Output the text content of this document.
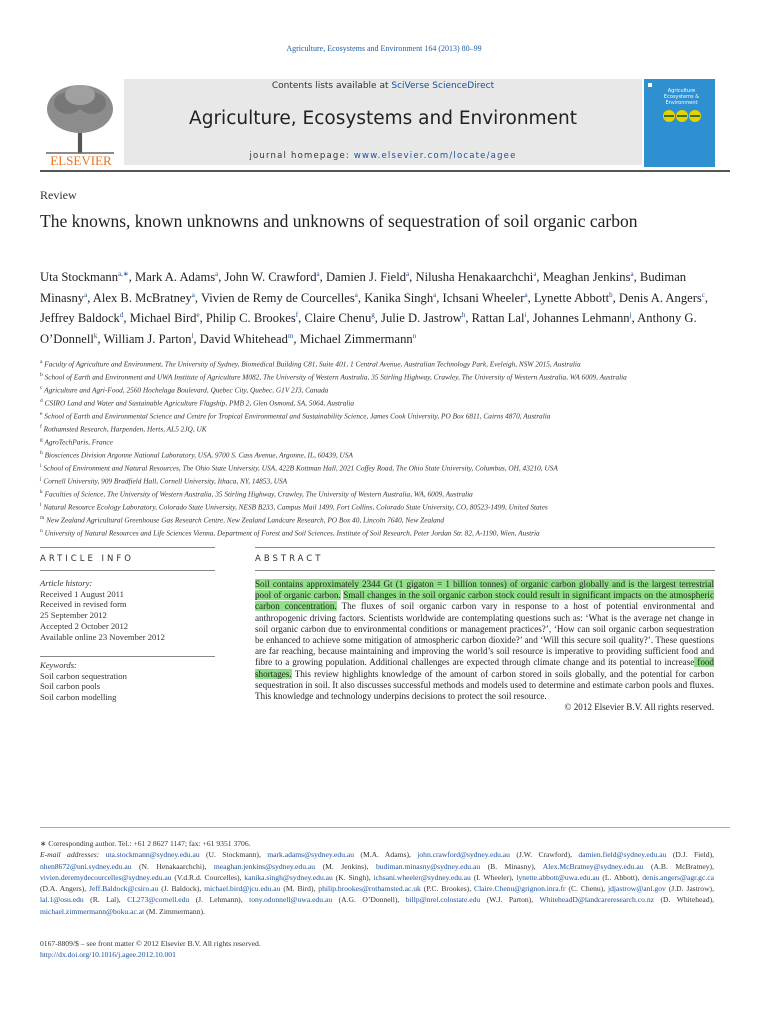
Agriculture, Ecosystems and Environment 164 (2013) 80–99
ELSEVIER
Contents lists available at SciVerse ScienceDirect
Agriculture, Ecosystems and Environment
journal homepage: www.elsevier.com/locate/agee
Agriculture Ecosystems & Environment
Review
The knowns, known unknowns and unknowns of sequestration of soil organic carbon
Uta Stockmann$^{a,∗}$, Mark A. Adams$^a$, John W. Crawford$^a$, Damien J. Field$^a$, Nilusha Henakaarchchi$^a$, Meaghan Jenkins$^a$, Budiman Minasny$^a$, Alex B. McBratney$^a$, Vivien de Remy de Courcelles$^a$, Kanika Singh$^a$, Ichsani Wheeler$^a$, Lynette Abbott$^b$, Denis A. Angers$^c$, Jeffrey Baldock$^d$, Michael Bird$^e$, Philip C. Brookes$^f$, Claire Chenu$^g$, Julie D. Jastrow$^h$, Rattan Lal$^i$, Johannes Lehmann$^j$, Anthony G. O’Donnell$^k$, William J. Parton$^l$, David Whitehead$^m$, Michael Zimmermann$^n$
$^a$ Faculty of Agriculture and Environment, The University of Sydney, Biomedical Building C81, Suite 401, 1 Central Avenue, Australian Technology Park, Eveleigh, NSW 2015, Australia
$^b$ School of Earth and Environment and UWA Institute of Agriculture M082, The University of Western Australia, 35 Stirling Highway, Crawley, The University of Western Australia, WA 6009, Australia
$^c$ Agriculture and Agri-Food, 2560 Hochelaga Boulevard, Quebec City, Quebec, G1V 2J3, Canada
$^d$ CSIRO Land and Water and Sustainable Agriculture Flagship, PMB 2, Glen Osmond, SA, 5064, Australia
$^e$ School of Earth and Environmental Science and Centre for Tropical Environmental and Sustainability Science, James Cook University, PO Box 6811, Cairns 4870, Australia
$^f$ Rothamsted Research, Harpenden, Herts, AL5 2JQ, UK
$^g$ AgroTechParis, France
$^h$ Biosciences Division Argonne National Laboratory, USA, 9700 S. Cass Avenue, Argonne, IL, 60439, USA
$^i$ School of Environment and Natural Resources, The Ohio State University, USA, 422B Kottman Hall, 2021 Coffey Road, The Ohio State University, Columbus, OH, 43210, USA
$^j$ Cornell University, 909 Bradfield Hall, Cornell University, Ithaca, NY, 14853, USA
$^k$ Faculties of Science, The University of Western Australia, 35 Stirling Highway, Crawley, The University of Western Australia, WA, 6009, Australia
$^l$ Natural Resource Ecology Laboratory, Colorado State University, NESB B233, Campus Mail 1499, Fort Collins, Colorado State University, CO, 80523-1499, United States
$^m$ New Zealand Agricultural Greenhouse Gas Research Centre, New Zealand Landcare Research, PO Box 40, Lincoln 7640, New Zealand
$^n$ University of Natural Resources and Life Sciences Vienna, Department of Forest and Soil Sciences, Institute of Soil Research, Peter Jordan Str. 82, A-1190, Wien, Austria
ARTICLE INFO	ABSTRACT
Article history:
Received 1 August 2011
Received in revised form
25 September 2012
Accepted 2 October 2012
Available online 23 November 2012
Keywords:
Soil carbon sequestration
Soil carbon pools
Soil carbon modelling
Soil contains approximately 2344 Gt (1 gigaton = 1 billion tonnes) of organic carbon globally and is the largest terrestrial pool of organic carbon. Small changes in the soil organic carbon stock could result in significant impacts on the atmospheric carbon concentration. The fluxes of soil organic carbon vary in response to a host of potential environmental and anthropogenic driving factors. Scientists worldwide are contemplating questions such as: ‘What is the average net change in soil organic carbon due to environmental conditions or management practices?’, ‘How can soil organic carbon sequestration be enhanced to achieve some mitigation of atmospheric carbon dioxide?’ and ‘Will this secure soil quality?’. These questions are far reaching, because maintaining and improving the world’s soil resource is imperative to providing sufficient food and fibre to a growing population. Additional challenges are expected through climate change and its potential to increase food shortages. This review highlights knowledge of the amount of carbon stored in soils globally, and the potential for carbon sequestration in soil. It also discusses successful methods and models used to determine and estimate carbon pools and fluxes. This knowledge and technology underpins decisions to protect the soil resource.
© 2012 Elsevier B.V. All rights reserved.
∗ Corresponding author. Tel.: +61 2 8627 1147; fax: +61 9351 3706.
E-mail addresses: uta.stockmann@sydney.edu.au (U. Stockmann), mark.adams@sydney.edu.au (M.A. Adams), john.crawford@sydney.edu.au (J.W. Crawford), damien.field@sydney.edu.au (D.J. Field), nhen8672@uni.sydney.edu.au (N. Henakaarchchi), meaghan.jenkins@sydney.edu.au (M. Jenkins), budiman.minasny@sydney.edu.au (B. Minasny), Alex.McBratney@sydney.edu.au (A.B. McBratney), vivien.deremydecourcelles@sydney.edu.au (V.d.R.d. Courcelles), kanika.singh@sydney.edu.au (K. Singh), ichsani.wheeler@sydney.edu.au (I. Wheeler), lynette.abbott@uwa.edu.au (L. Abbott), denis.angers@agr.gc.ca (D.A. Angers), Jeff.Baldock@csiro.au (J. Baldock), michael.bird@jcu.edu.au (M. Bird), philip.brookes@rothamsted.ac.uk (P.C. Brookes), Claire.Chenu@grignon.inra.fr (C. Chenu), jdjastrow@anl.gov (J.D. Jastrow), lal.1@osu.edu (R. Lal), CL273@cornell.edu (J. Lehmann), tony.odonnell@uwa.edu.au (A.G. O’Donnell), billp@nrel.colostate.edu (W.J. Parton), WhiteheadD@landcareresearch.co.nz (D. Whitehead), michael.zimmermann@boku.ac.at (M. Zimmermann).
0167-8809/$ – see front matter © 2012 Elsevier B.V. All rights reserved.
http://dx.doi.org/10.1016/j.agee.2012.10.001
